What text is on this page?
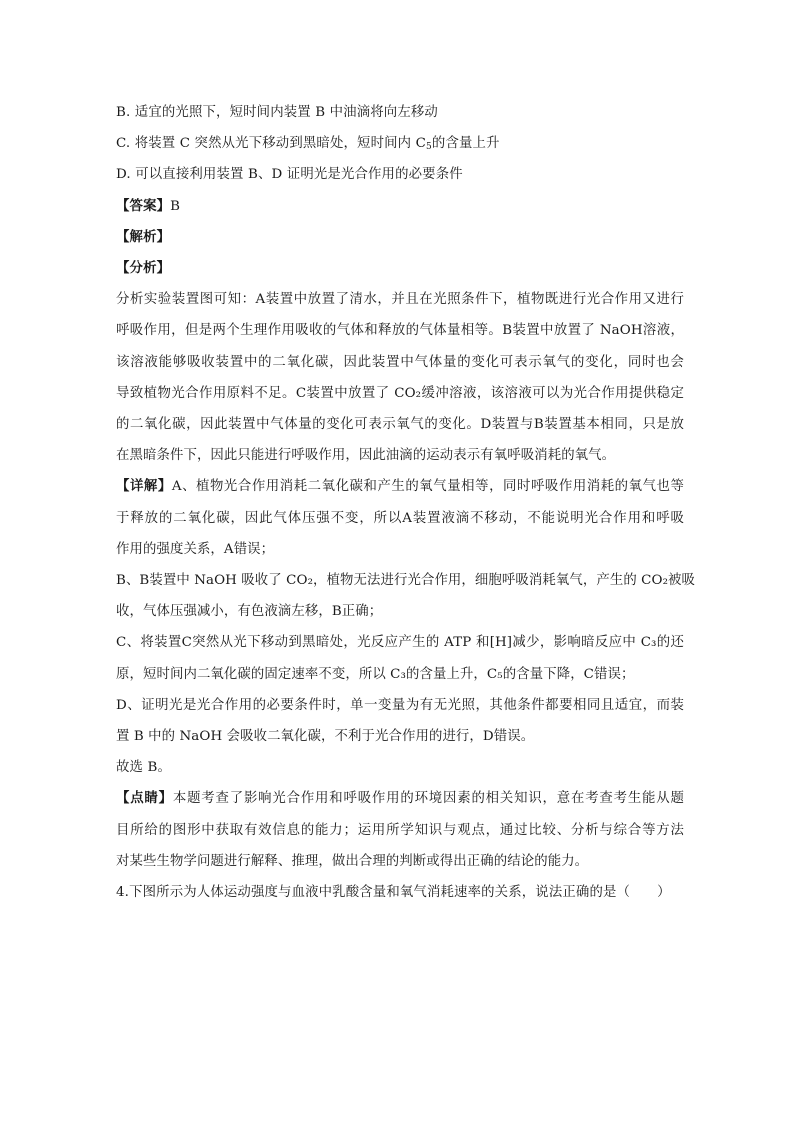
B. 适宜的光照下，短时间内装置 B 中油滴将向左移动
C. 将装置 C 突然从光下移动到黑暗处，短时间内 $C_5$的含量上升
D. 可以直接利用装置 B、D 证明光是光合作用的必要条件
【答案】B
【解析】
【分析】
分析实验装置图可知：A装置中放置了清水，并且在光照条件下，植物既进行光合作用又进行
呼吸作用，但是两个生理作用吸收的气体和释放的气体量相等。B装置中放置了 NaOH溶液，
该溶液能够吸收装置中的二氧化碳，因此装置中气体量的变化可表示氧气的变化，同时也会
导致植物光合作用原料不足。C装置中放置了 CO₂缓冲溶液，该溶液可以为光合作用提供稳定
的二氧化碳，因此装置中气体量的变化可表示氧气的变化。D装置与B装置基本相同，只是放
在黑暗条件下，因此只能进行呼吸作用，因此油滴的运动表示有氧呼吸消耗的氧气。
【详解】A、植物光合作用消耗二氧化碳和产生的氧气量相等，同时呼吸作用消耗的氧气也等
于释放的二氧化碳，因此气体压强不变，所以A装置液滴不移动，不能说明光合作用和呼吸
作用的强度关系，A错误；
B、B装置中 NaOH 吸收了 CO₂，植物无法进行光合作用，细胞呼吸消耗氧气，产生的 CO₂被吸
收，气体压强减小，有色液滴左移，B正确；
C、将装置C突然从光下移动到黑暗处，光反应产生的 ATP 和[H]减少，影响暗反应中 C₃的还
原，短时间内二氧化碳的固定速率不变，所以 C₃的含量上升，C₅的含量下降，C错误；
D、证明光是光合作用的必要条件时，单一变量为有无光照，其他条件都要相同且适宜，而装
置 B 中的 NaOH 会吸收二氧化碳，不利于光合作用的进行，D错误。
故选 B。
【点睛】本题考查了影响光合作用和呼吸作用的环境因素的相关知识，意在考查考生能从题
目所给的图形中获取有效信息的能力；运用所学知识与观点，通过比较、分析与综合等方法
对某些生物学问题进行解释、推理，做出合理的判断或得出正确的结论的能力。
4.下图所示为人体运动强度与血液中乳酸含量和氧气消耗速率的关系，说法正确的是（　　）
